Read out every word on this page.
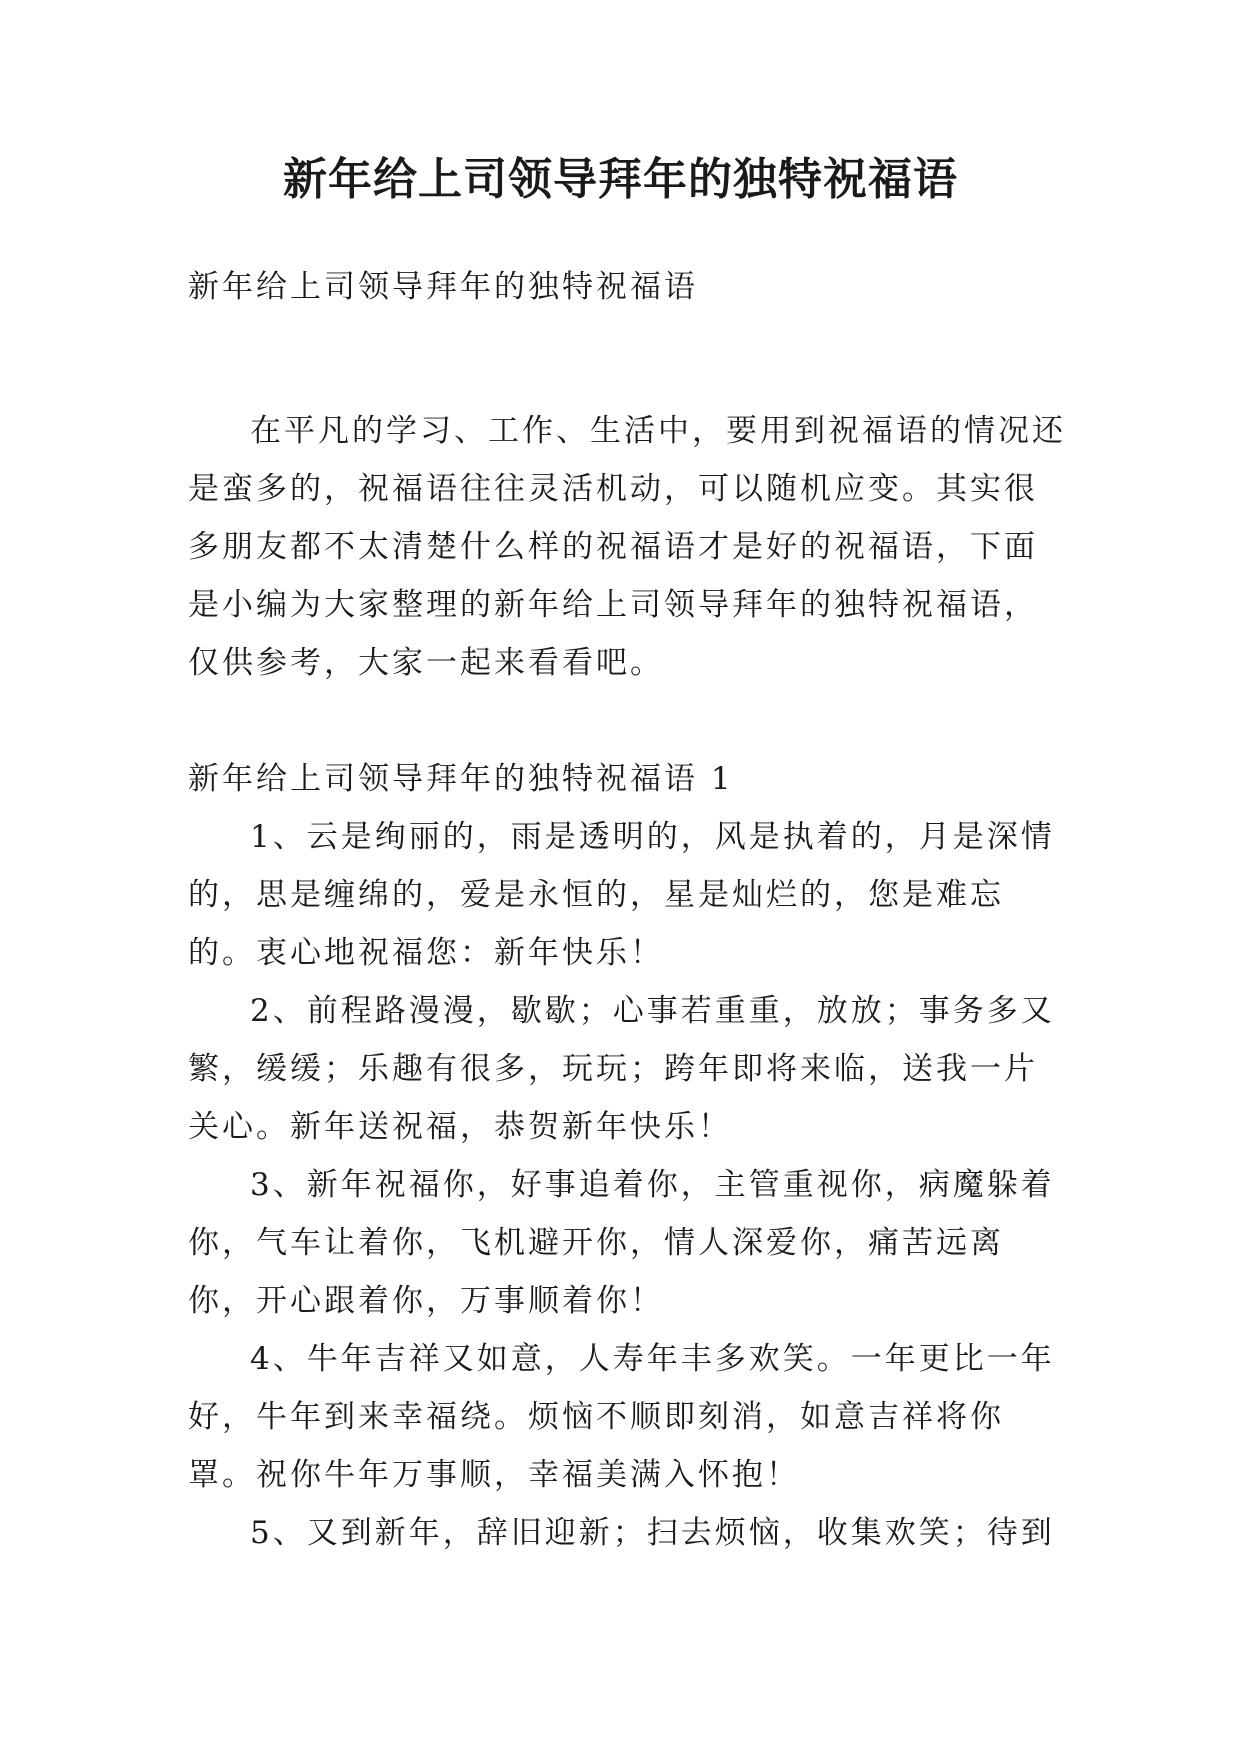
新年给上司领导拜年的独特祝福语

新年给上司领导拜年的独特祝福语

在平凡的学习、工作、生活中，要用到祝福语的情况还是蛮多的，祝福语往往灵活机动，可以随机应变。其实很多朋友都不太清楚什么样的祝福语才是好的祝福语，下面是小编为大家整理的新年给上司领导拜年的独特祝福语，仅供参考，大家一起来看看吧。

新年给上司领导拜年的独特祝福语 1

1、云是绚丽的，雨是透明的，风是执着的，月是深情的，思是缠绵的，爱是永恒的，星是灿烂的，您是难忘的。衷心地祝福您：新年快乐！

2、前程路漫漫，歇歇；心事若重重，放放；事务多又繁，缓缓；乐趣有很多，玩玩；跨年即将来临，送我一片关心。新年送祝福，恭贺新年快乐！

3、新年祝福你，好事追着你，主管重视你，病魔躲着你，气车让着你，飞机避开你，情人深爱你，痛苦远离你，开心跟着你，万事顺着你！

4、牛年吉祥又如意，人寿年丰多欢笑。一年更比一年好，牛年到来幸福绕。烦恼不顺即刻消，如意吉祥将你罩。祝你牛年万事顺，幸福美满入怀抱！

5、又到新年，辞旧迎新；扫去烦恼，收集欢笑；待到
